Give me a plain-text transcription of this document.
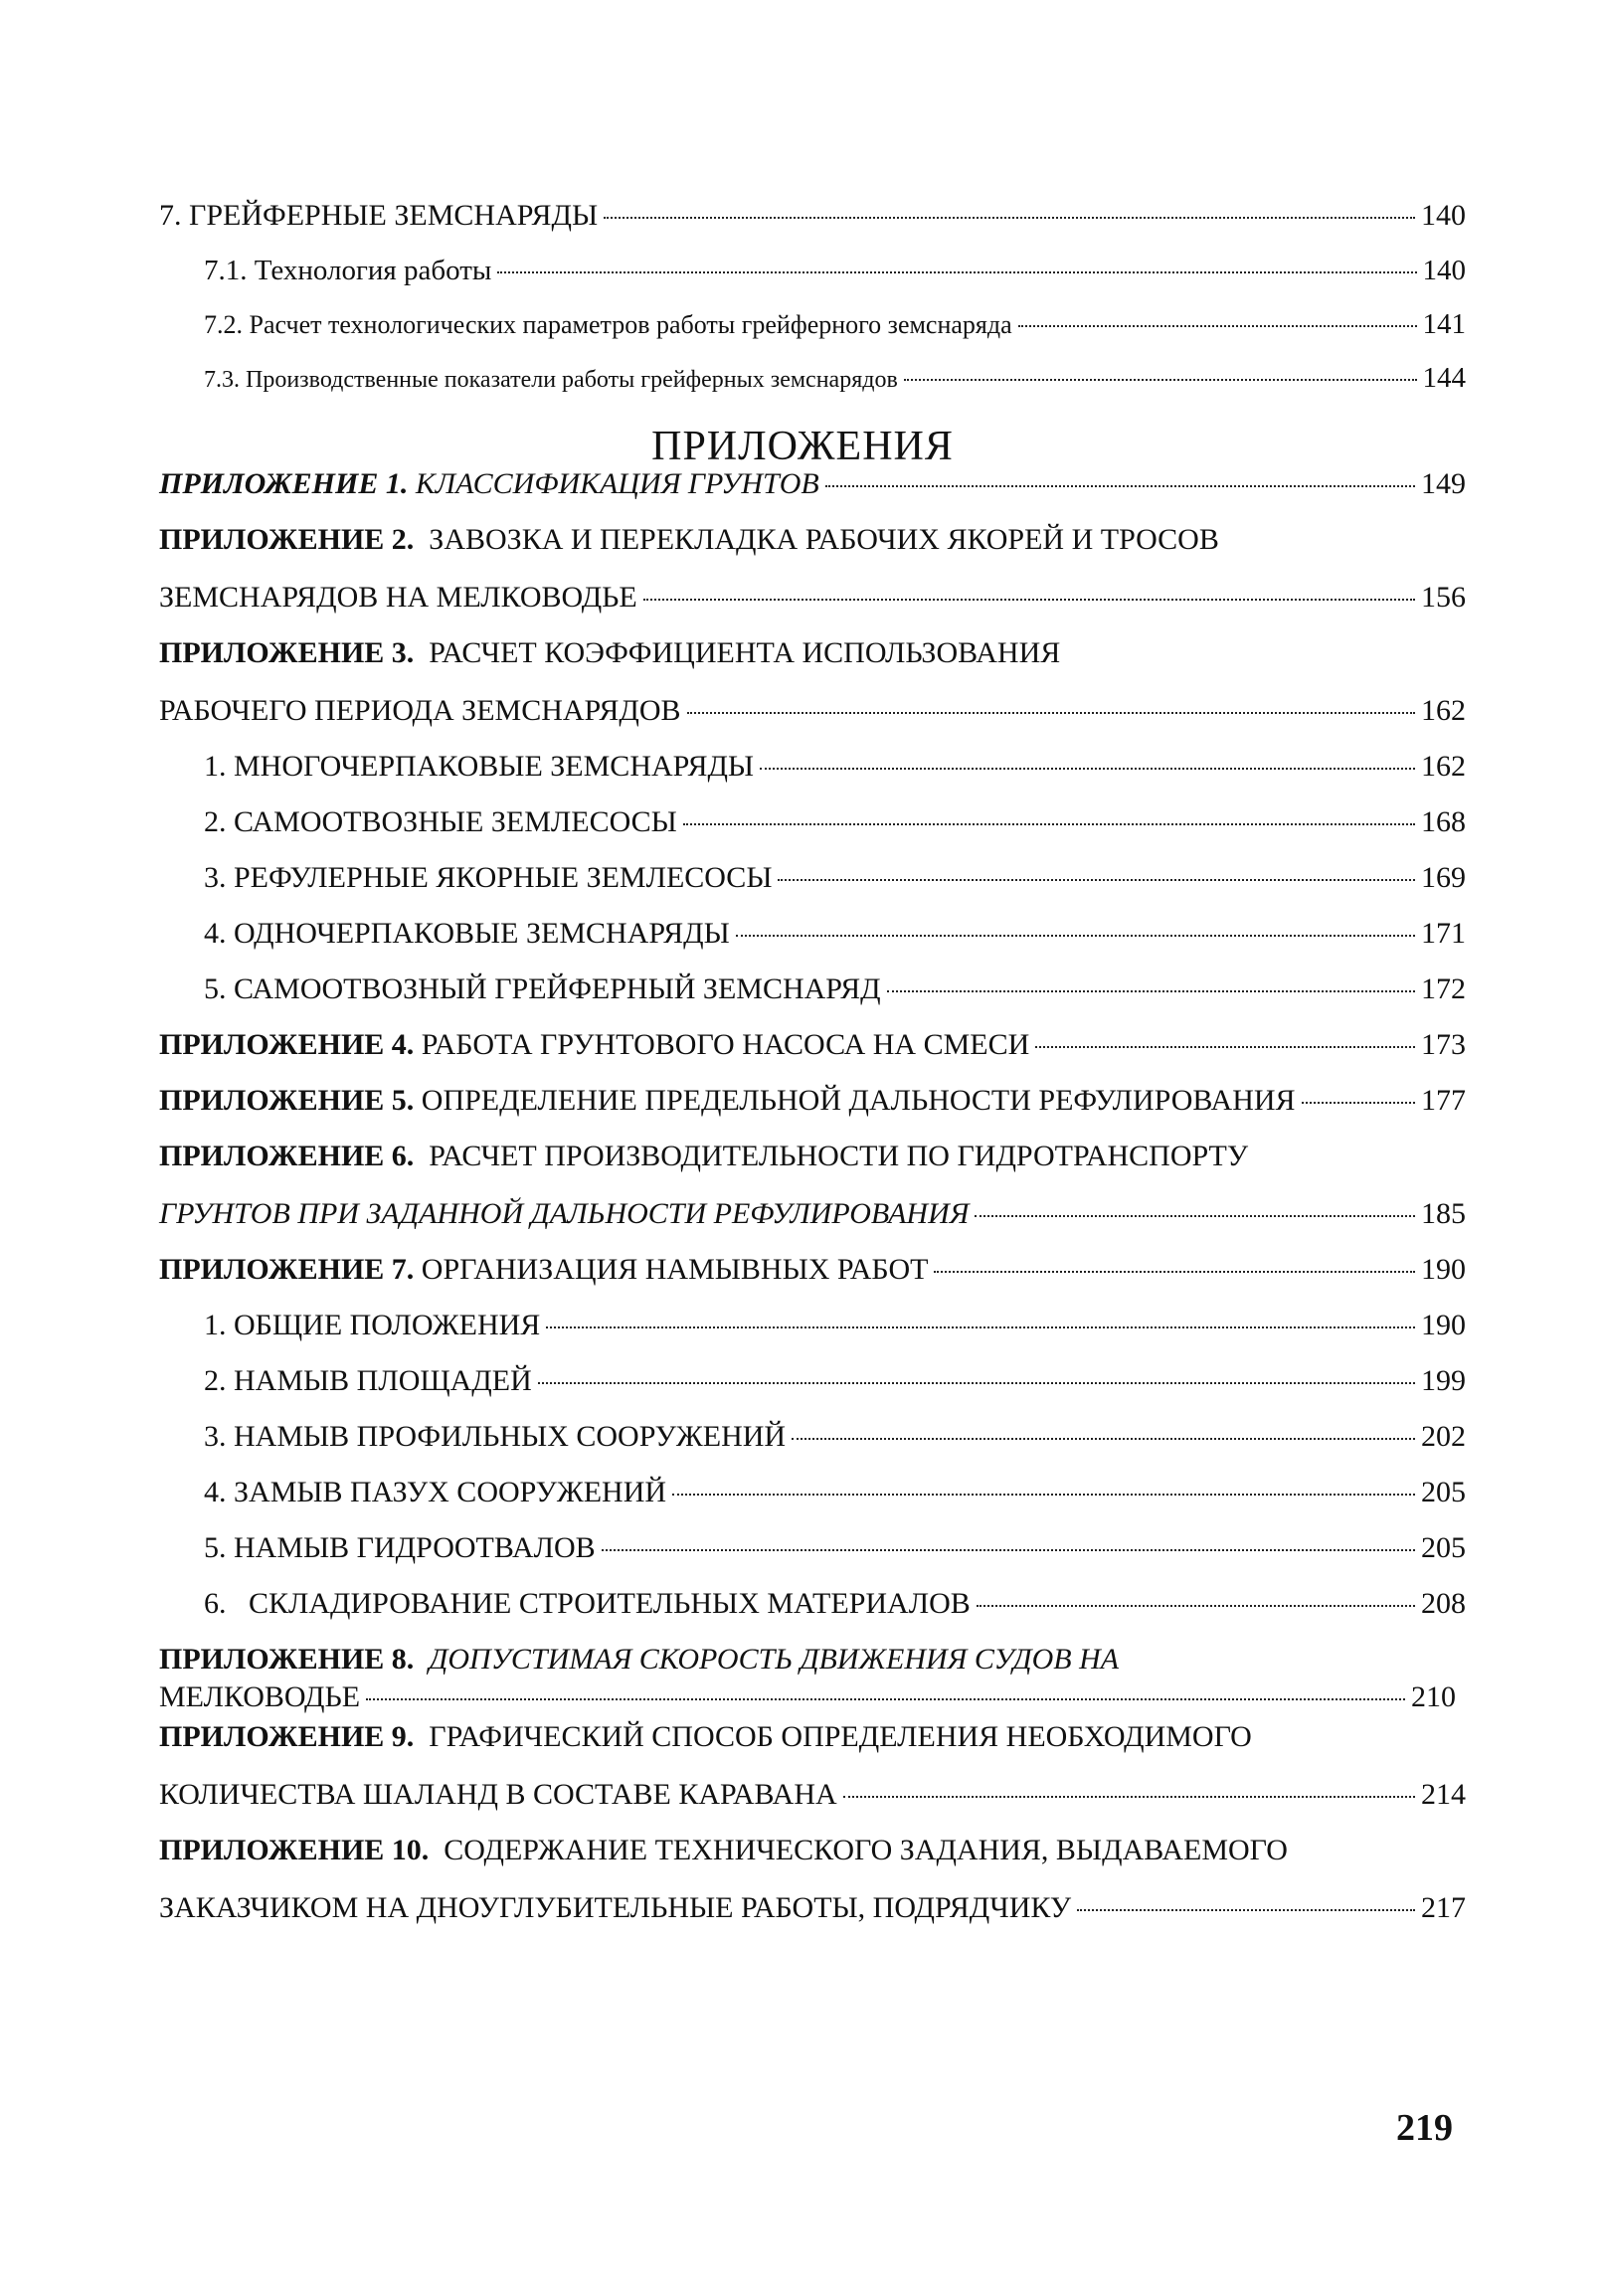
7. ГРЕЙФЕРНЫЕ ЗЕМСНАРЯДЫ	140
7.1. Технология работы	140
7.2. Расчет технологических параметров работы грейферного земснаряда	141
7.3. Производственные показатели работы грейферных земснарядов	144
ПРИЛОЖЕНИЯ
ПРИЛОЖЕНИЕ 1.
КЛАССИФИКАЦИЯ ГРУНТОВ	149
ПРИЛОЖЕНИЕ 2. ЗАВОЗКА И ПЕРЕКЛАДКА РАБОЧИХ ЯКОРЕЙ И ТРОСОВ
ЗЕМСНАРЯДОВ НА МЕЛКОВОДЬЕ	156
ПРИЛОЖЕНИЕ 3. РАСЧЕТ КОЭФФИЦИЕНТА ИСПОЛЬЗОВАНИЯ
РАБОЧЕГО ПЕРИОДА ЗЕМСНАРЯДОВ	162
1. МНОГОЧЕРПАКОВЫЕ ЗЕМСНАРЯДЫ	162
2. САМООТВОЗНЫЕ ЗЕМЛЕСОСЫ	168
3. РЕФУЛЕРНЫЕ ЯКОРНЫЕ ЗЕМЛЕСОСЫ	169
4. ОДНОЧЕРПАКОВЫЕ ЗЕМСНАРЯДЫ	171
5. САМООТВОЗНЫЙ ГРЕЙФЕРНЫЙ ЗЕМСНАРЯД	172
ПРИЛОЖЕНИЕ 4.
РАБОТА ГРУНТОВОГО НАСОСА НА СМЕСИ	173
ПРИЛОЖЕНИЕ 5.
ОПРЕДЕЛЕНИЕ ПРЕДЕЛЬНОЙ ДАЛЬНОСТИ РЕФУЛИРОВАНИЯ	177
ПРИЛОЖЕНИЕ 6. РАСЧЕТ ПРОИЗВОДИТЕЛЬНОСТИ ПО ГИДРОТРАНСПОРТУ
ГРУНТОВ ПРИ ЗАДАННОЙ ДАЛЬНОСТИ РЕФУЛИРОВАНИЯ	185
ПРИЛОЖЕНИЕ 7.
ОРГАНИЗАЦИЯ НАМЫВНЫХ РАБОТ	190
1. ОБЩИЕ ПОЛОЖЕНИЯ	190
2. НАМЫВ ПЛОЩАДЕЙ	199
3. НАМЫВ ПРОФИЛЬНЫХ СООРУЖЕНИЙ	202
4. ЗАМЫВ ПАЗУХ СООРУЖЕНИЙ	205
5. НАМЫВ ГИДРООТВАЛОВ	205
6.   СКЛАДИРОВАНИЕ СТРОИТЕЛЬНЫХ МАТЕРИАЛОВ	208
ПРИЛОЖЕНИЕ 8. ДОПУСТИМАЯ СКОРОСТЬ ДВИЖЕНИЯ СУДОВ НА
МЕЛКОВОДЬЕ	210
ПРИЛОЖЕНИЕ 9. ГРАФИЧЕСКИЙ СПОСОБ ОПРЕДЕЛЕНИЯ НЕОБХОДИМОГО
КОЛИЧЕСТВА ШАЛАНД В СОСТАВЕ КАРАВАНА	214
ПРИЛОЖЕНИЕ 10. СОДЕРЖАНИЕ ТЕХНИЧЕСКОГО ЗАДАНИЯ, ВЫДАВАЕМОГО
ЗАКАЗЧИКОМ НА ДНОУГЛУБИТЕЛЬНЫЕ РАБОТЫ, ПОДРЯДЧИКУ	217
219
